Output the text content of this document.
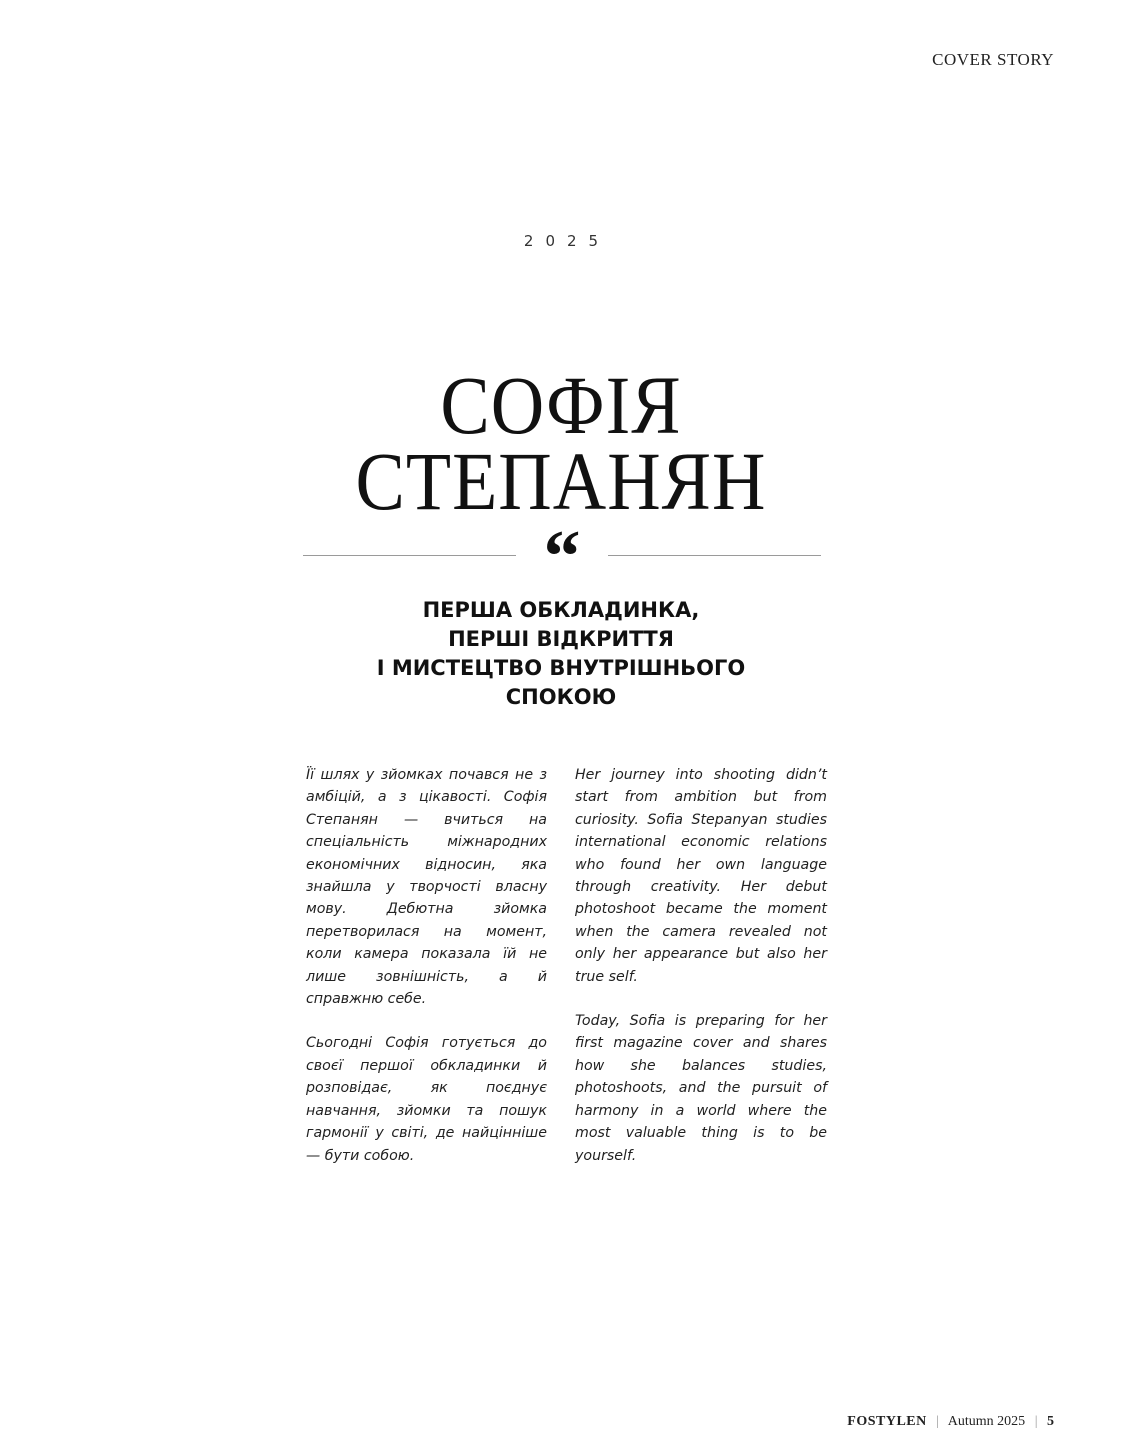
COVER STORY
2025
СОФІЯ
СТЕПАНЯН
“
ПЕРША ОБКЛАДИНКА,
ПЕРШІ ВІДКРИТТЯ
І МИСТЕЦТВО ВНУТРІШНЬОГО
СПОКОЮ

Її шлях у зйомках почався не з амбіцій, а з цікавості. Софія Степанян — вчиться на спеціальність міжнародних економічних відносин, яка знайшла у творчості власну мову. Дебютна зйомка перетворилася на момент, коли камера показала їй не лише зовнішність, а й справжню себе.

Сьогодні Софія готується до своєї першої обкладинки й розповідає, як поєднує навчання, зйомки та пошук гармонії у світі, де найцінніше — бути собою.

Her journey into shooting didn’t start from ambition but from curiosity. Sofia Stepanyan studies international economic relations who found her own language through creativity. Her debut photoshoot became the moment when the camera revealed not only her appearance but also her true self.

Today, Sofia is preparing for her first magazine cover and shares how she balances studies, photoshoots, and the pursuit of harmony in a world where the most valuable thing is to be yourself.

FOSTYLEN | Autumn 2025 | 5
